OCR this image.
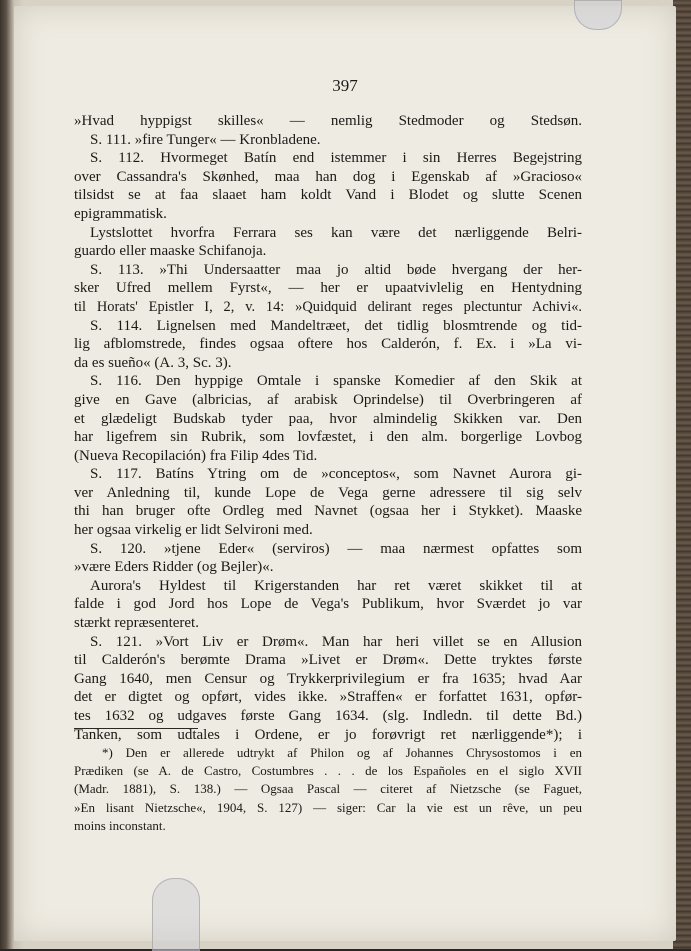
397
»Hvad hyppigst skilles« — nemlig Stedmoder og Stedsøn.
S. 111. »fire Tunger« — Kronbladene.
S. 112. Hvormeget Batín end istemmer i sin Herres Begejstring
over Cassandra's Skønhed, maa han dog i Egenskab af »Gracioso«
tilsidst se at faa slaaet ham koldt Vand i Blodet og slutte Scenen
epigrammatisk.
Lystslottet hvorfra Ferrara ses kan være det nærliggende Belri-
guardo eller maaske Schifanoja.
S. 113. »Thi Undersaatter maa jo altid bøde hvergang der her-
sker Ufred mellem Fyrst«, — her er upaatvivlelig en Hentydning
til Horats' Epistler I, 2, v. 14: »Quidquid delirant reges plectuntur Achivi«.
S. 114. Lignelsen med Mandeltræet, det tidlig blosmtrende og tid-
lig afblomstrede, findes ogsaa oftere hos Calderón, f. Ex. i »La vi-
da es sueño« (A. 3, Sc. 3).
S. 116. Den hyppige Omtale i spanske Komedier af den Skik at
give en Gave (albricias, af arabisk Oprindelse) til Overbringeren af
et glædeligt Budskab tyder paa, hvor almindelig Skikken var. Den
har ligefrem sin Rubrik, som lovfæstet, i den alm. borgerlige Lovbog
(Nueva Recopilación) fra Filip 4des Tid.
S. 117. Batíns Ytring om de »conceptos«, som Navnet Aurora gi-
ver Anledning til, kunde Lope de Vega gerne adressere til sig selv
thi han bruger ofte Ordleg med Navnet (ogsaa her i Stykket). Maaske
her ogsaa virkelig er lidt Selvironi med.
S. 120. »tjene Eder« (serviros) — maa nærmest opfattes som
»være Eders Ridder (og Bejler)«.
Aurora's Hyldest til Krigerstanden har ret været skikket til at
falde i god Jord hos Lope de Vega's Publikum, hvor Sværdet jo var
stærkt repræsenteret.
S. 121. »Vort Liv er Drøm«. Man har heri villet se en Allusion
til Calderón's berømte Drama »Livet er Drøm«. Dette tryktes første
Gang 1640, men Censur og Trykkerprivilegium er fra 1635; hvad Aar
det er digtet og opført, vides ikke. »Straffen« er forfattet 1631, opfør-
tes 1632 og udgaves første Gang 1634. (slg. Indledn. til dette Bd.)
Tanken, som udtales i Ordene, er jo forøvrigt ret nærliggende*); i
*) Den er allerede udtrykt af Philon og af Johannes Chrysostomos i en
Prædiken (se A. de Castro, Costumbres . . . de los Españoles en el siglo XVII
(Madr. 1881), S. 138.) — Ogsaa Pascal — citeret af Nietzsche (se Faguet,
»En lisant Nietzsche«, 1904, S. 127) — siger: Car la vie est un rêve, un peu
moins inconstant.
